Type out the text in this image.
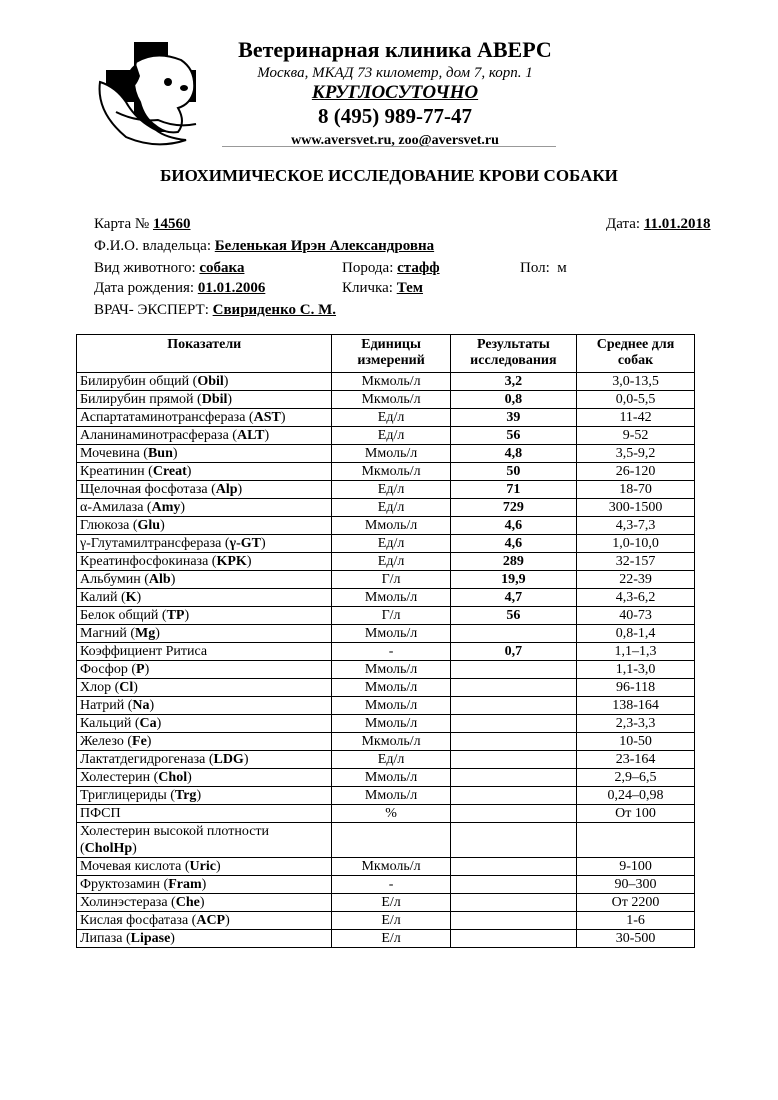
Ветеринарная клиника АВЕРС
Москва, МКАД 73 километр, дом 7, корп. 1
КРУГЛОСУТОЧНО
8 (495) 989-77-47
www.aversvet.ru, zoo@aversvet.ru
БИОХИМИЧЕСКОЕ ИССЛЕДОВАНИЕ КРОВИ СОБАКИ
Карта № 14560	Дата: 11.01.2018
Ф.И.О. владельца: Беленькая Ирэн Александровна
Вид животного: собака	Порода: стафф	Пол: м
Дата рождения: 01.01.2006	Кличка: Тем
ВРАЧ- ЭКСПЕРТ: Свириденко С. М.
Показатели	Единицы измерений	Результаты исследования	Среднее для собак
Билирубин общий (Obil)	Мкмоль/л	3,2	3,0-13,5
Билирубин прямой (Dbil)	Мкмоль/л	0,8	0,0-5,5
Аспартатаминотрансфераза (AST)	Ед/л	39	11-42
Аланинаминотрасфераза (ALT)	Ед/л	56	9-52
Мочевина (Bun)	Ммоль/л	4,8	3,5-9,2
Креатинин (Creat)	Мкмоль/л	50	26-120
Щелочная фосфотаза (Alp)	Ед/л	71	18-70
α-Амилаза (Amy)	Ед/л	729	300-1500
Глюкоза (Glu)	Ммоль/л	4,6	4,3-7,3
γ-Глутамилтрансфераза (γ-GT)	Ед/л	4,6	1,0-10,0
Креатинфосфокиназа (KPK)	Ед/л	289	32-157
Альбумин (Alb)	Г/л	19,9	22-39
Калий (K)	Ммоль/л	4,7	4,3-6,2
Белок общий (TP)	Г/л	56	40-73
Магний (Mg)	Ммоль/л		0,8-1,4
Коэффициент Ритиса	-	0,7	1,1–1,3
Фосфор (P)	Ммоль/л		1,1-3,0
Хлор (Cl)	Ммоль/л		96-118
Натрий (Na)	Ммоль/л		138-164
Кальций (Ca)	Ммоль/л		2,3-3,3
Железо (Fe)	Мкмоль/л		10-50
Лактатдегидрогеназа (LDG)	Ед/л		23-164
Холестерин (Chol)	Ммоль/л		2,9–6,5
Триглицериды (Trg)	Ммоль/л		0,24–0,98
ПФСП	%		От 100
Холестерин высокой плотности (CholHp)			
Мочевая кислота (Uric)	Мкмоль/л		9-100
Фруктозамин (Fram)	-		90–300
Холинэстераза (Che)	Е/л		От 2200
Кислая фосфатаза (ACP)	Е/л		1-6
Липаза (Lipase)	Е/л		30-500
